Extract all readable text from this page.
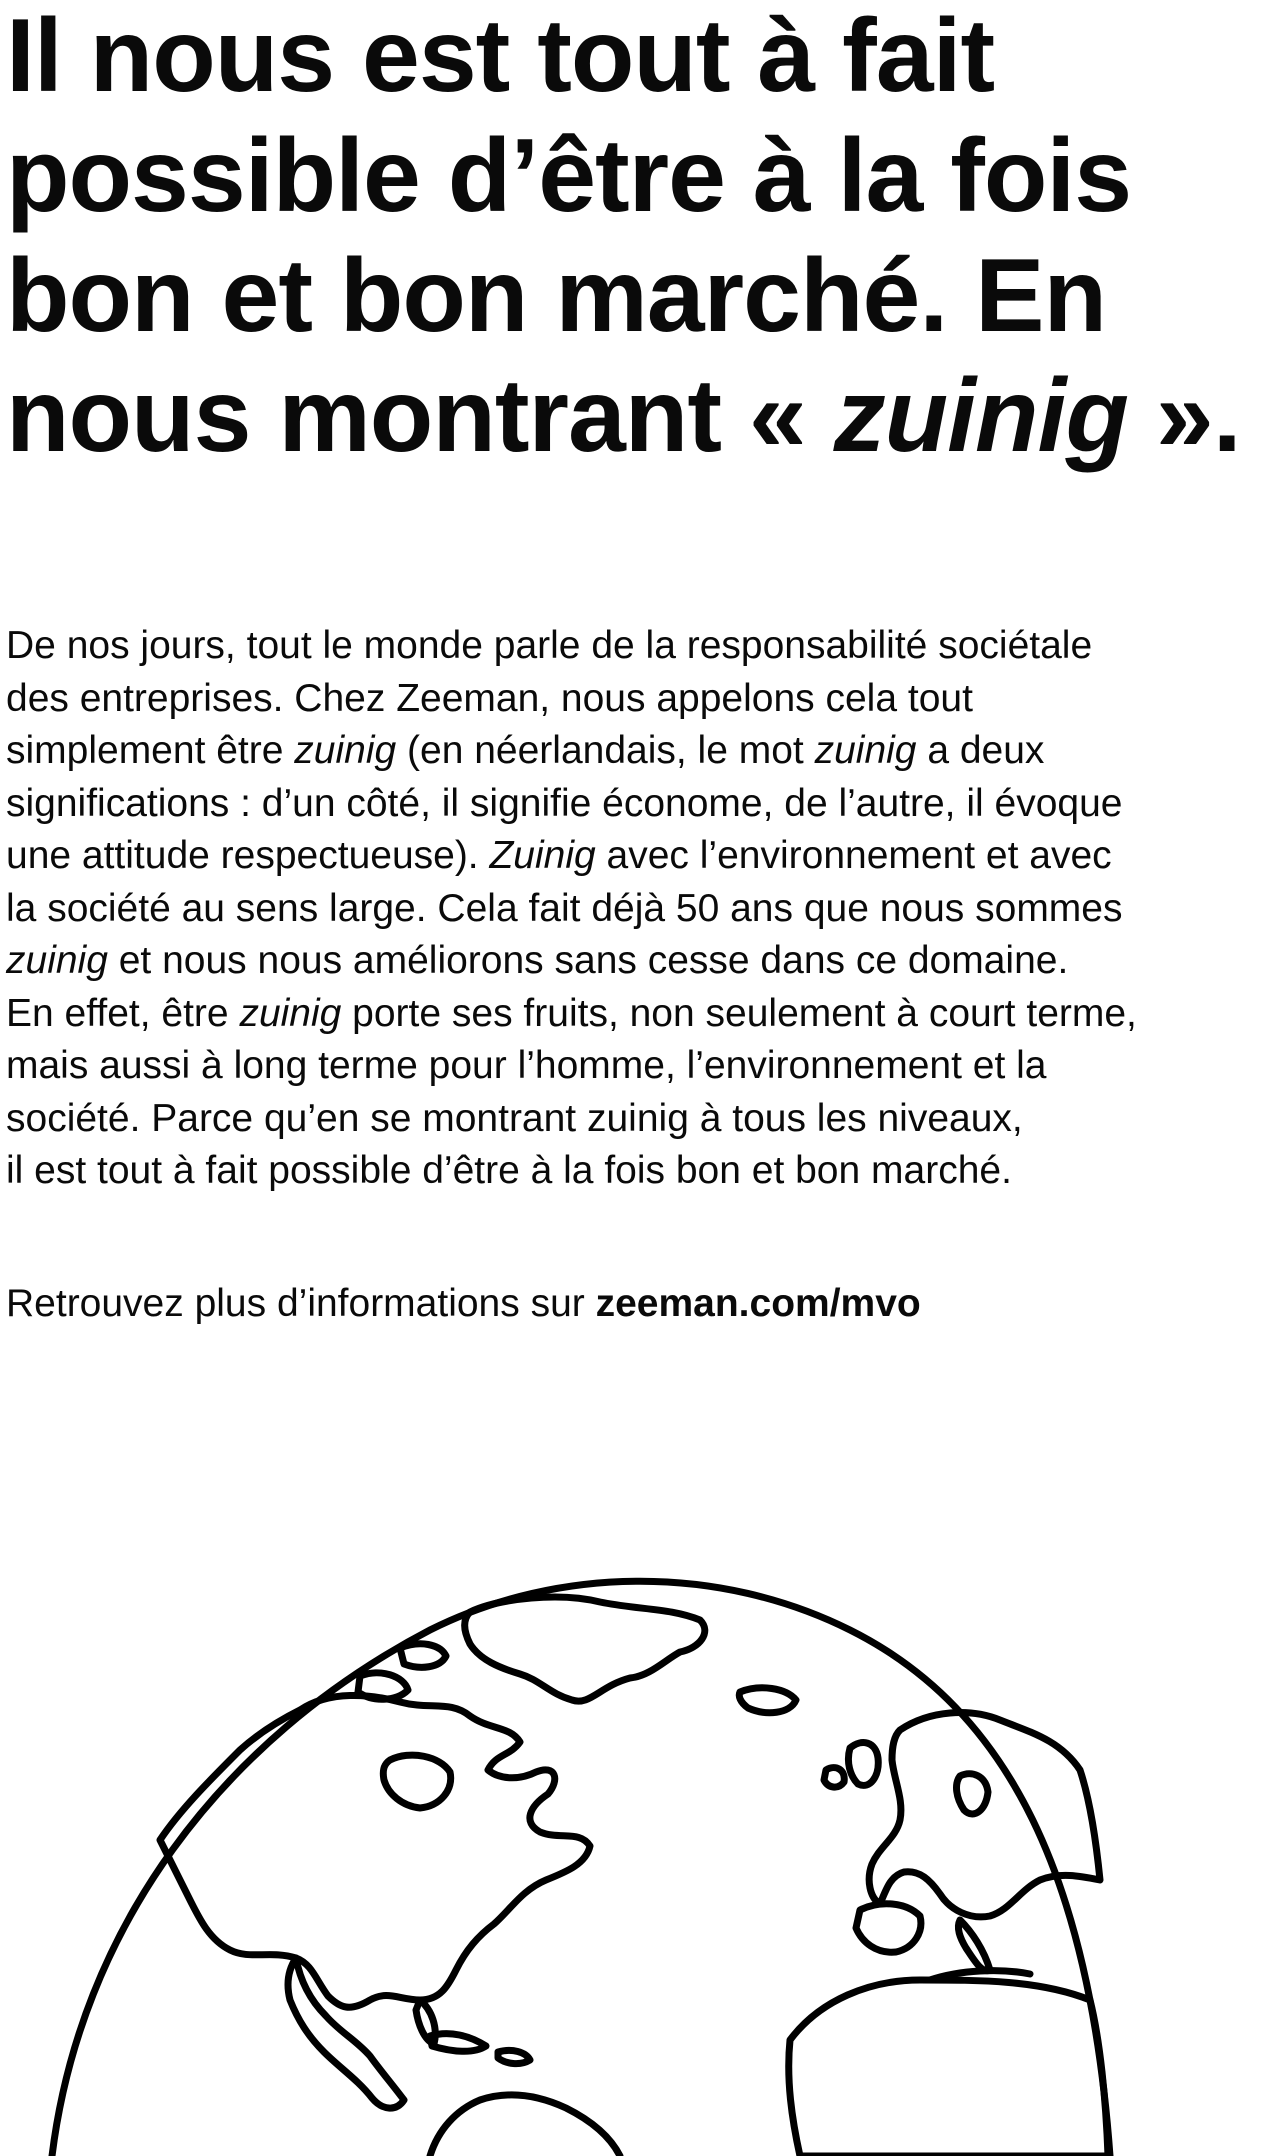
Il nous est tout à fait
possible d’être à la fois
bon et bon marché. En
nous montrant « zuinig ».

De nos jours, tout le monde parle de la responsabilité sociétale
des entreprises. Chez Zeeman, nous appelons cela tout
simplement être zuinig (en néerlandais, le mot zuinig a deux
significations : d’un côté, il signifie économe, de l’autre, il évoque
une attitude respectueuse). Zuinig avec l’environnement et avec
la société au sens large. Cela fait déjà 50 ans que nous sommes
zuinig et nous nous améliorons sans cesse dans ce domaine.
En effet, être zuinig porte ses fruits, non seulement à court terme,
mais aussi à long terme pour l’homme, l’environnement et la
société. Parce qu’en se montrant zuinig à tous les niveaux,
il est tout à fait possible d’être à la fois bon et bon marché.

Retrouvez plus d’informations sur zeeman.com/mvo
